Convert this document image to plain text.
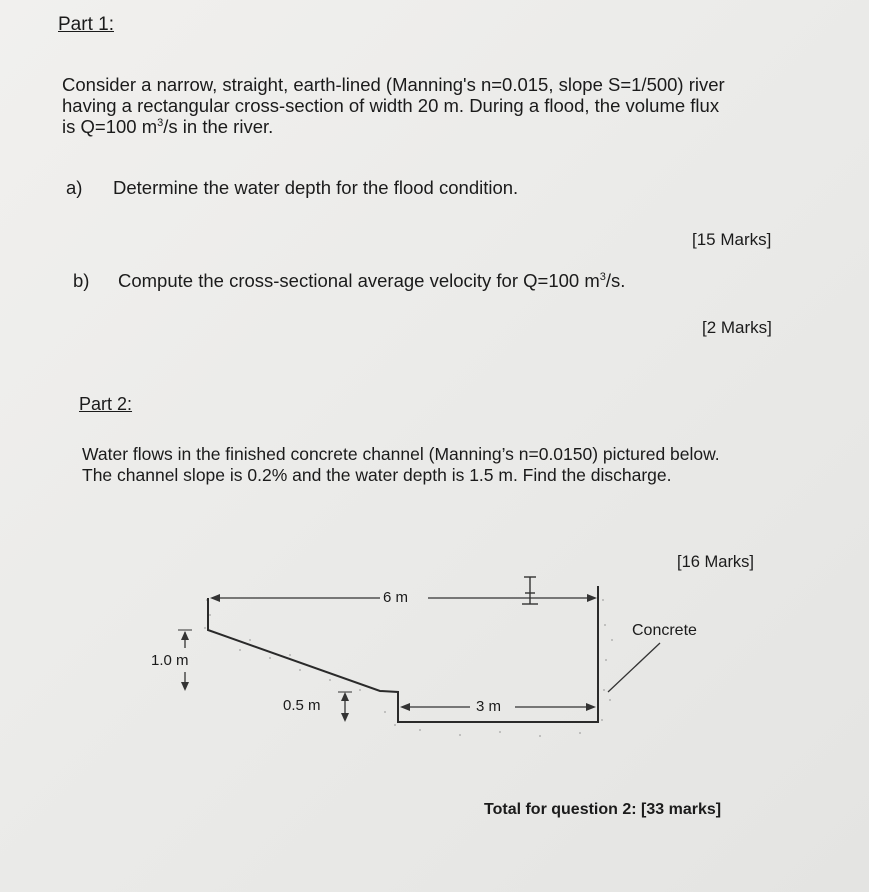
Part 1:

Consider a narrow, straight, earth-lined (Manning's n=0.015, slope S=1/500) river
having a rectangular cross-section of width 20 m. During a flood, the volume flux
is Q=100 $m^3/s$ in the river.
a) Determine the water depth for the flood condition.
[15 Marks]
b) Compute the cross-sectional average velocity for Q=100 $m^3/s$.
[2 Marks]

Part 2:

Water flows in the finished concrete channel (Manning’s n=0.0150) pictured below.
The channel slope is 0.2% and the water depth is 1.5 m. Find the discharge.
[16 Marks]
6 m
3 m
0.5 m
1.0 m
Concrete
Total for question 2: [33 marks]
